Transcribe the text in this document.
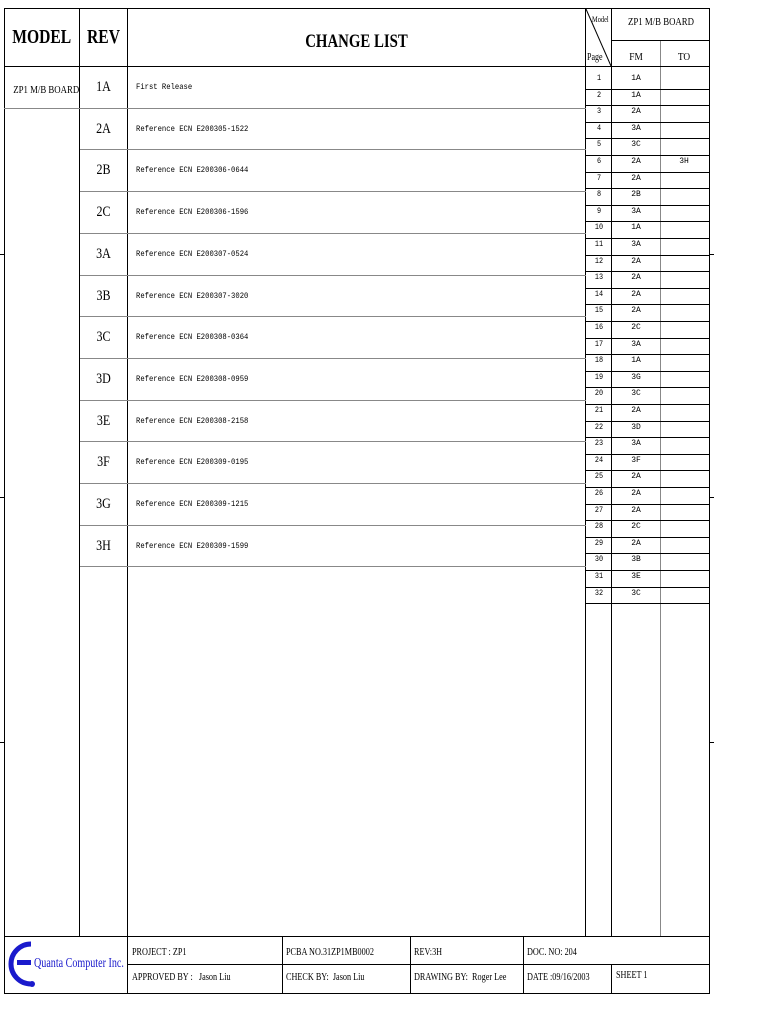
MODEL REV	CHANGE LIST
Model
Page
ZP1 M/B BOARD
FM	TO
ZP1 M/B BOARD	1A	First Release
2A	Reference ECN E200305-1522
2B	Reference ECN E200306-0644
2C	Reference ECN E200306-1596
3A	Reference ECN E200307-0524
3B	Reference ECN E200307-3020
3C	Reference ECN E200308-0364
3D	Reference ECN E200308-0959
3E	Reference ECN E200308-2158
3F	Reference ECN E200309-0195
3G	Reference ECN E200309-1215
3H	Reference ECN E200309-1599
1	1A
2	1A
3	2A
4	3A
5	3C
6	2A	3H
7	2A
8	2B
9	3A
10	1A
11	3A
12	2A
13	2A
14	2A
15	2A
16	2C
17	3A
18	1A
19	3G
20	3C
21	2A
22	3D
23	3A
24	3F
25	2A
26	2A
27	2A
28	2C
29	2A
30	3B
31	3E
32	3C
Quanta Computer Inc.
PROJECT : ZP1	PCBA NO.31ZP1MB0002	REV:3H	DOC. NO: 204
APPROVED BY : Jason Liu	CHECK BY: Jason Liu	DRAWING BY: Roger Lee DATE :09/16/2003	SHEET 1
